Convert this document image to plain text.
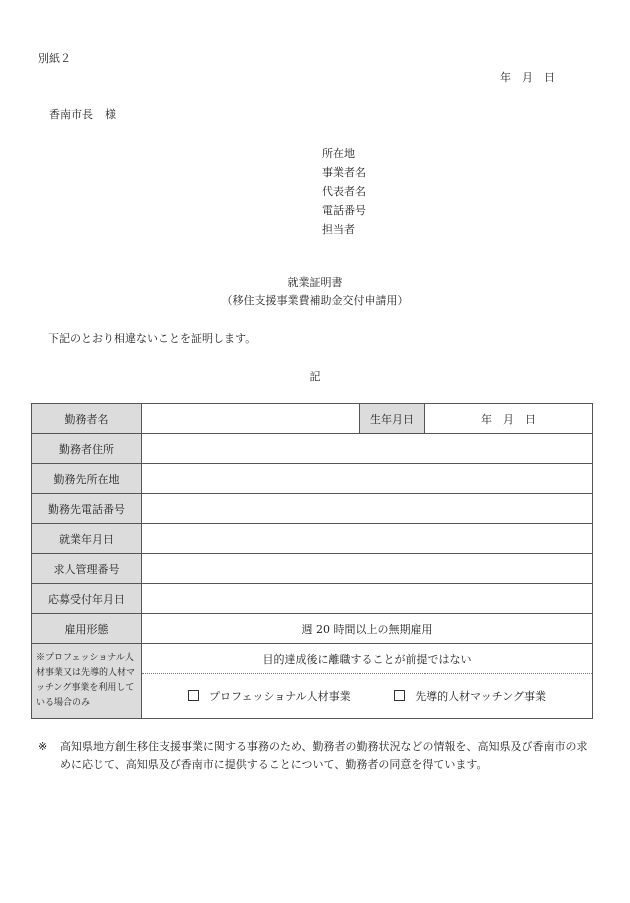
別紙２
年　月　日
香南市長 様
所在地
事業者名
代表者名
電話番号
担当者
就業証明書
（移住支援事業費補助金交付申請用）
下記のとおり相違ないことを証明します。
記
勤務者名		生年月日	年　月　日
勤務者住所			
勤務先所在地			
勤務先電話番号			
就業年月日			
求人管理番号			
応募受付年月日			
雇用形態	週 20 時間以上の無期雇用		
※プロフェッショナル人材事業又は先導的人材マッチング事業を利用している場合のみ	目的達成後に離職することが前提ではない		
	プロフェッショナル人材事業 先導的人材マッチング事業		
※	高知県地方創生移住支援事業に関する事務のため、勤務者の勤務状況などの情報を、高知県及び香南市の求めに応じて、高知県及び香南市に提供することについて、勤務者の同意を得ています。
